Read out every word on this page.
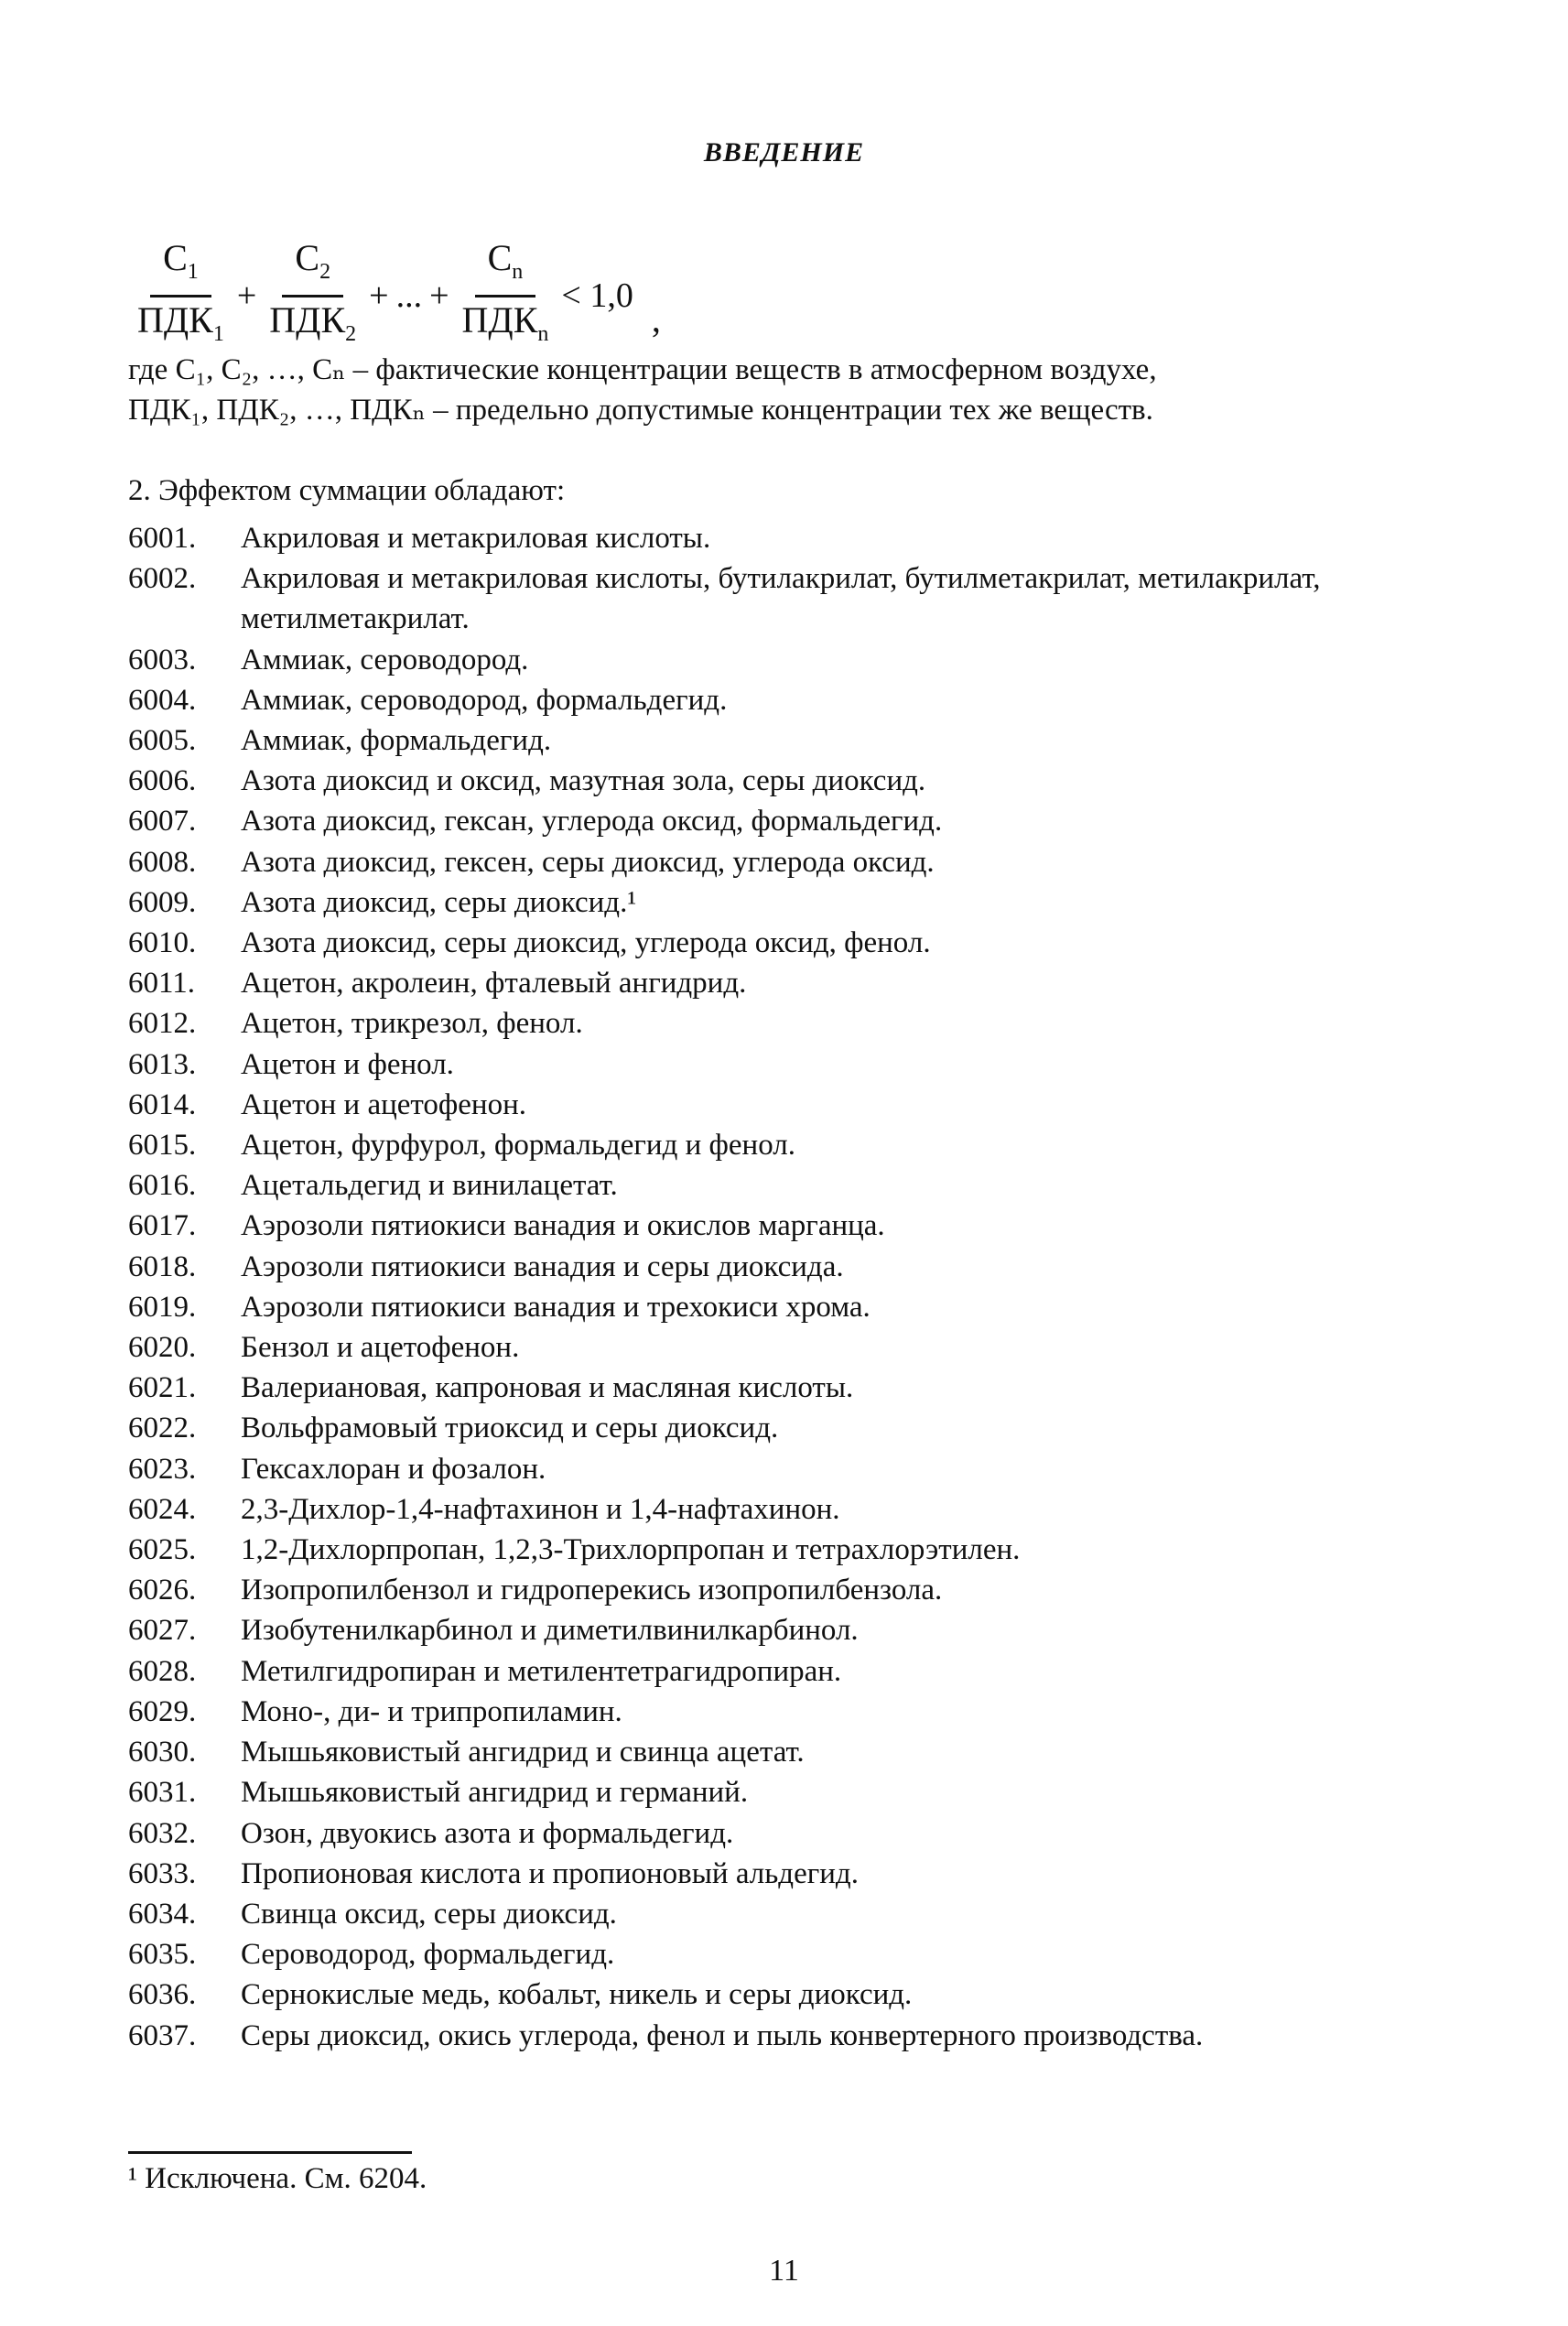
ВВЕДЕНИЕ
$\frac{C_1}{ПДК_1} + \frac{C_2}{ПДК_2}$ + ... + $\frac{C_n}{ПДК_n} < 1,0$
,
где C₁, C₂, …, Cₙ – фактические концентрации веществ в атмосферном воздухе,
ПДК₁, ПДК₂, …, ПДКₙ – предельно допустимые концентрации тех же веществ.
2. Эффектом суммации обладают:
6001.	Акриловая и метакриловая кислоты.
6002.	Акриловая и метакриловая кислоты, бутилакрилат, бутилметакрилат, метилакрилат, метилметакрилат.
6003.	Аммиак, сероводород.
6004.	Аммиак, сероводород, формальдегид.
6005.	Аммиак, формальдегид.
6006.	Азота диоксид и оксид, мазутная зола, серы диоксид.
6007.	Азота диоксид, гексан, углерода оксид, формальдегид.
6008.	Азота диоксид, гексен, серы диоксид, углерода оксид.
6009.	Азота диоксид, серы диоксид.¹
6010.	Азота диоксид, серы диоксид, углерода оксид, фенол.
6011.	Ацетон, акролеин, фталевый ангидрид.
6012.	Ацетон, трикрезол, фенол.
6013.	Ацетон и фенол.
6014.	Ацетон и ацетофенон.
6015.	Ацетон, фурфурол, формальдегид и фенол.
6016.	Ацетальдегид и винилацетат.
6017.	Аэрозоли пятиокиси ванадия и окислов марганца.
6018.	Аэрозоли пятиокиси ванадия и серы диоксида.
6019.	Аэрозоли пятиокиси ванадия и трехокиси хрома.
6020.	Бензол и ацетофенон.
6021.	Валериановая, капроновая и масляная кислоты.
6022.	Вольфрамовый триоксид и серы диоксид.
6023.	Гексахлоран и фозалон.
6024.	2,3-Дихлор-1,4-нафтахинон и 1,4-нафтахинон.
6025.	1,2-Дихлорпропан, 1,2,3-Трихлорпропан и тетрахлорэтилен.
6026.	Изопропилбензол и гидроперекись изопропилбензола.
6027.	Изобутенилкарбинол и диметилвинилкарбинол.
6028.	Метилгидропиран и метилентетрагидропиран.
6029.	Моно-, ди- и трипропиламин.
6030.	Мышьяковистый ангидрид и свинца ацетат.
6031.	Мышьяковистый ангидрид и германий.
6032.	Озон, двуокись азота и формальдегид.
6033.	Пропионовая кислота и пропионовый альдегид.
6034.	Свинца оксид, серы диоксид.
6035.	Сероводород, формальдегид.
6036.	Сернокислые медь, кобальт, никель и серы диоксид.
6037.	Серы диоксид, окись углерода, фенол и пыль конвертерного производства.
¹ Исключена. См. 6204.
11
